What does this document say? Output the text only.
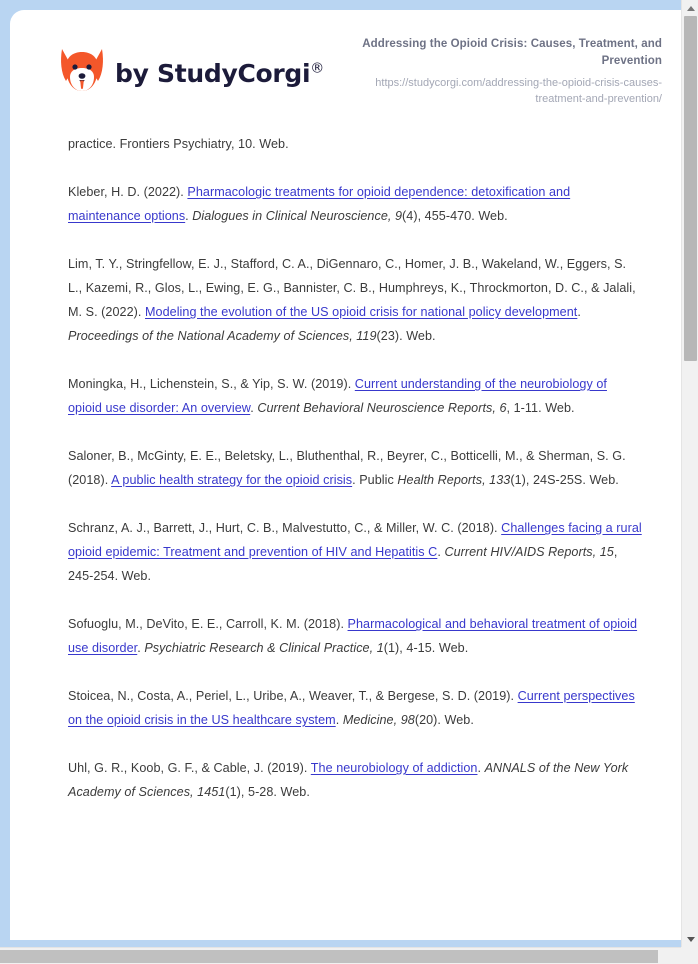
by StudyCorgi®
Addressing the Opioid Crisis: Causes, Treatment, and Prevention
https://studycorgi.com/addressing-the-opioid-crisis-causes-treatment-and-prevention/

practice. Frontiers Psychiatry, 10. Web.

Kleber, H. D. (2022). Pharmacologic treatments for opioid dependence: detoxification and maintenance options. Dialogues in Clinical Neuroscience, 9(4), 455-470. Web.

Lim, T. Y., Stringfellow, E. J., Stafford, C. A., DiGennaro, C., Homer, J. B., Wakeland, W., Eggers, S. L., Kazemi, R., Glos, L., Ewing, E. G., Bannister, C. B., Humphreys, K., Throckmorton, D. C., & Jalali, M. S. (2022). Modeling the evolution of the US opioid crisis for national policy development. Proceedings of the National Academy of Sciences, 119(23). Web.

Moningka, H., Lichenstein, S., & Yip, S. W. (2019). Current understanding of the neurobiology of opioid use disorder: An overview. Current Behavioral Neuroscience Reports, 6, 1-11. Web.

Saloner, B., McGinty, E. E., Beletsky, L., Bluthenthal, R., Beyrer, C., Botticelli, M., & Sherman, S. G. (2018). A public health strategy for the opioid crisis. Public Health Reports, 133(1), 24S-25S. Web.

Schranz, A. J., Barrett, J., Hurt, C. B., Malvestutto, C., & Miller, W. C. (2018). Challenges facing a rural opioid epidemic: Treatment and prevention of HIV and Hepatitis C. Current HIV/AIDS Reports, 15, 245-254. Web.

Sofuoglu, M., DeVito, E. E., Carroll, K. M. (2018). Pharmacological and behavioral treatment of opioid use disorder. Psychiatric Research & Clinical Practice, 1(1), 4-15. Web.

Stoicea, N., Costa, A., Periel, L., Uribe, A., Weaver, T., & Bergese, S. D. (2019). Current perspectives on the opioid crisis in the US healthcare system. Medicine, 98(20). Web.

Uhl, G. R., Koob, G. F., & Cable, J. (2019). The neurobiology of addiction. ANNALS of the New York Academy of Sciences, 1451(1), 5-28. Web.
